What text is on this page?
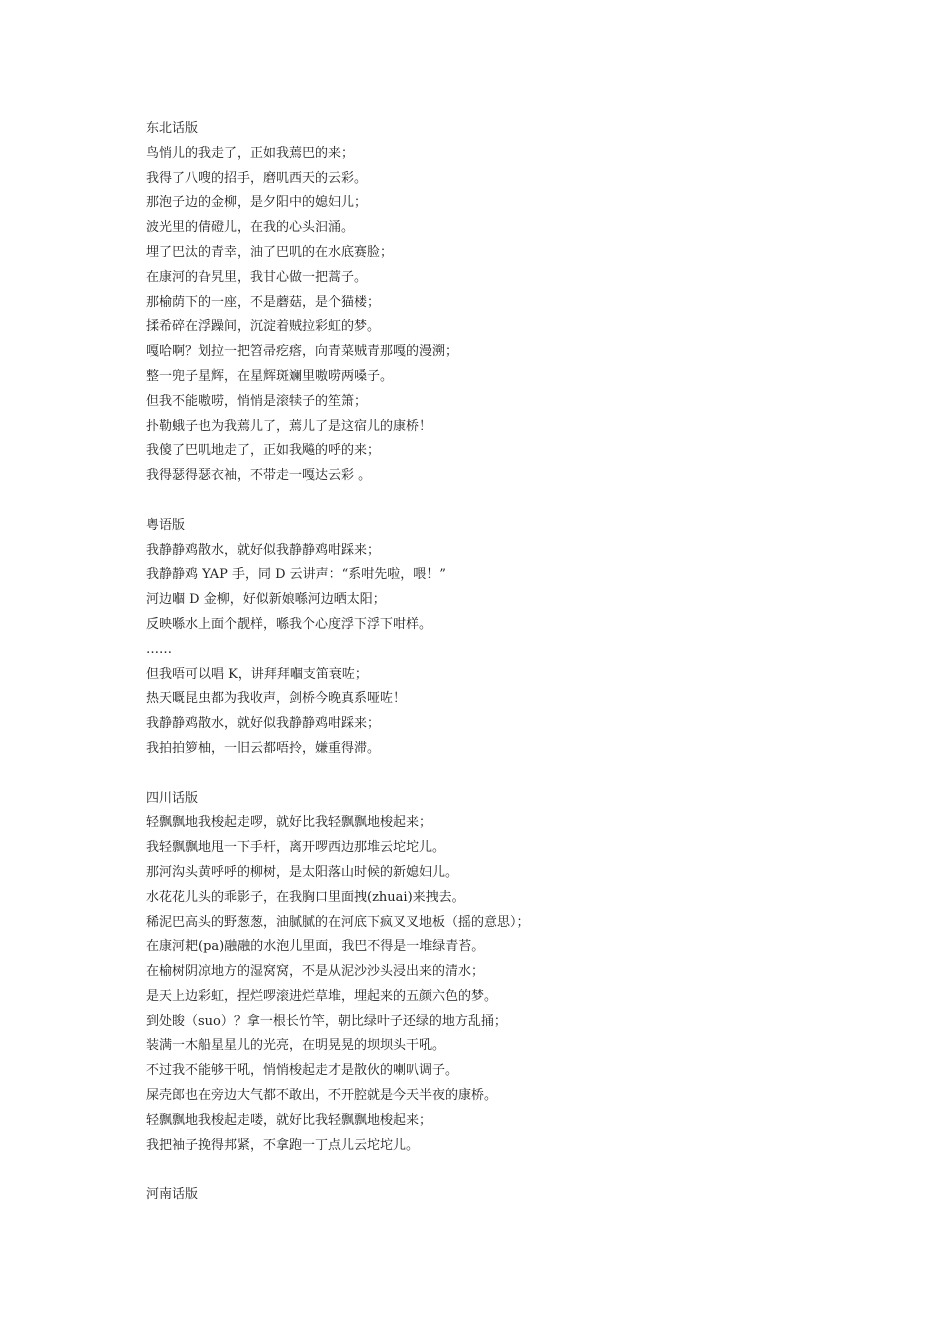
东北话版
鸟悄儿的我走了，正如我蔫巴的来；
我得了八嗖的招手，磨叽西天的云彩。
那泡子边的金柳，是夕阳中的媳妇儿；
波光里的倩磴儿，在我的心头汩涌。
埋了巴汰的青幸，油了巴叽的在水底赛脸；
在康河的旮旯里，我甘心做一把蒿子。
那榆荫下的一座，不是蘑菇，是个猫楼；
揉希碎在浮躁间，沉淀着贼拉彩虹的梦。
嘎哈啊？划拉一把笤帚疙瘩，向青菜贼青那嘎的漫溯；
整一兜子星辉，在星辉斑斓里嗷唠两嗓子。
但我不能嗷唠，悄悄是滚犊子的笙箫；
扑勒蛾子也为我蔫儿了，蔫儿了是这宿儿的康桥！
我傻了巴叽地走了，正如我飚的呼的来；
我得瑟得瑟衣袖，不带走一嘎达云彩 。
粤语版
我静静鸡散水，就好似我静静鸡咁踩来；
我静静鸡 YAP 手，同 D 云讲声：“系咁先啦，喂！”
河边嗰 D 金柳，好似新娘喺河边晒太阳；
反映喺水上面个靓样，喺我个心度浮下浮下咁样。
……
但我唔可以唱 K，讲拜拜嗰支笛衰咗；
热天嘅昆虫都为我收声，剑桥今晚真系哑咗！
我静静鸡散水，就好似我静静鸡咁踩来；
我拍拍箩柚，一旧云都唔拎，嫌重得滞。
四川话版
轻飘飘地我梭起走啰，就好比我轻飘飘地梭起来；
我轻飘飘地甩一下手杆，离开啰西边那堆云坨坨儿。
那河沟头黄呼呼的柳树，是太阳落山时候的新媳妇儿。
水花花儿头的乖影子，在我胸口里面拽(zhuai)来拽去。
稀泥巴高头的野葱葱，油腻腻的在河底下疯叉叉地板（摇的意思）；
在康河耙(pa)融融的水泡儿里面，我巴不得是一堆绿青苔。
在榆树阴凉地方的湿窝窝，不是从泥沙沙头浸出来的清水；
是天上边彩虹，捏烂啰滚进烂草堆，埋起来的五颜六色的梦。
到处睃（suo）？拿一根长竹竿，朝比绿叶子还绿的地方乱捅；
装满一木船星星儿的光亮，在明晃晃的坝坝头干吼。
不过我不能够干吼，悄悄梭起走才是散伙的喇叭调子。
屎壳郎也在旁边大气都不敢出，不开腔就是今天半夜的康桥。
轻飘飘地我梭起走喽，就好比我轻飘飘地梭起来；
我把袖子挽得邦紧，不拿跑一丁点儿云坨坨儿。
河南话版
